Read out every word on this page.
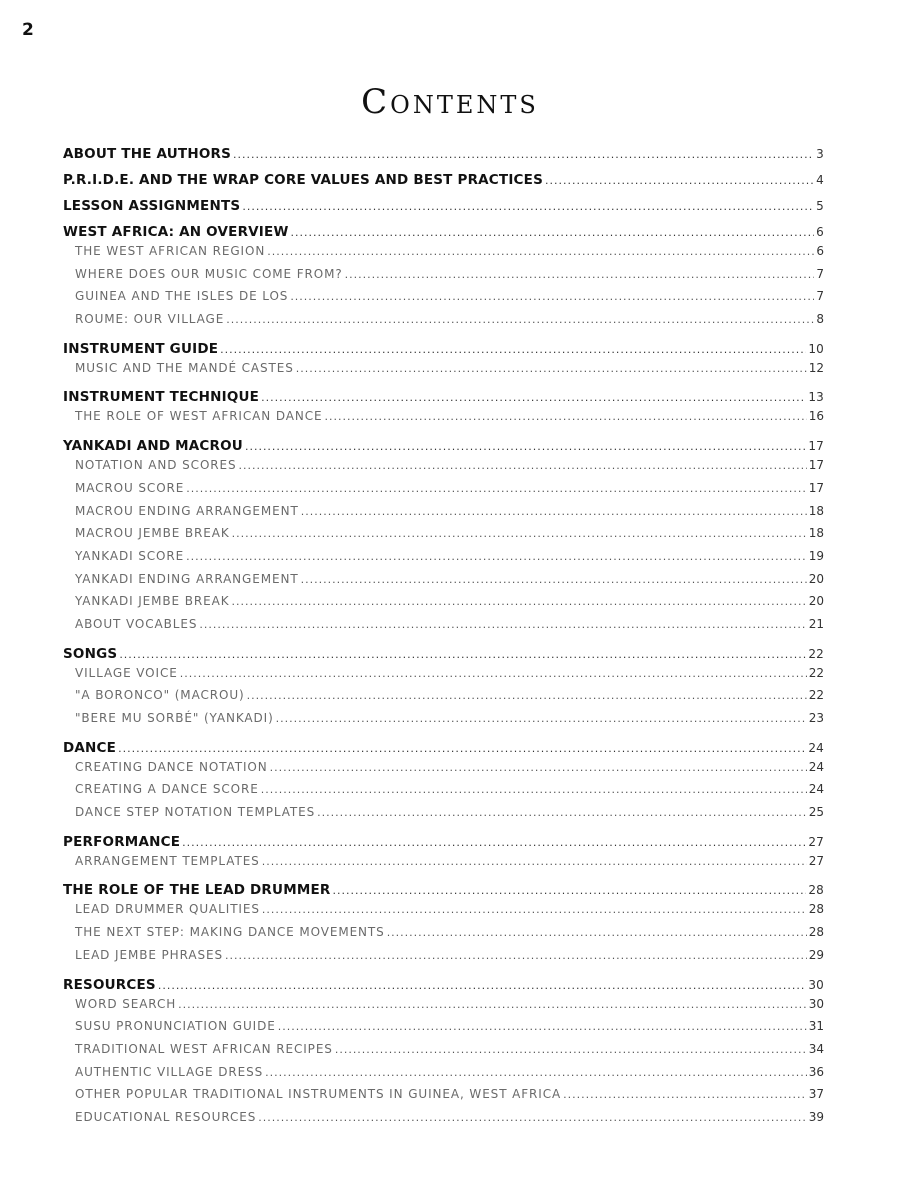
2
Contents
ABOUT THE AUTHORS .....	3
P.R.I.D.E. AND THE WRAP CORE VALUES AND BEST PRACTICES .....	4
LESSON ASSIGNMENTS .....	5
WEST AFRICA: AN OVERVIEW .....	6
THE WEST AFRICAN REGION .....	6
WHERE DOES OUR MUSIC COME FROM? .....	7
GUINEA AND THE ISLES DE LOS .....	7
ROUME: OUR VILLAGE .....	8
INSTRUMENT GUIDE .....	10
MUSIC AND THE MANDÉ CASTES .....	12
INSTRUMENT TECHNIQUE .....	13
THE ROLE OF WEST AFRICAN DANCE .....	16
YANKADI AND MACROU .....	17
NOTATION AND SCORES .....	17
MACROU SCORE .....	17
MACROU ENDING ARRANGEMENT .....	18
MACROU JEMBE BREAK .....	18
YANKADI SCORE .....	19
YANKADI ENDING ARRANGEMENT .....	20
YANKADI JEMBE BREAK .....	20
ABOUT VOCABLES .....	21
SONGS .....	22
VILLAGE VOICE .....	22
"A BORONCO" (MACROU) .....	22
"BERE MU SORBÉ" (YANKADI) .....	23
DANCE .....	24
CREATING DANCE NOTATION .....	24
CREATING A DANCE SCORE .....	24
DANCE STEP NOTATION TEMPLATES .....	25
PERFORMANCE .....	27
ARRANGEMENT TEMPLATES .....	27
THE ROLE OF THE LEAD DRUMMER .....	28
LEAD DRUMMER QUALITIES .....	28
THE NEXT STEP: MAKING DANCE MOVEMENTS .....	28
LEAD JEMBE PHRASES .....	29
RESOURCES .....	30
WORD SEARCH .....	30
SUSU PRONUNCIATION GUIDE .....	31
TRADITIONAL WEST AFRICAN RECIPES .....	34
AUTHENTIC VILLAGE DRESS .....	36
OTHER POPULAR TRADITIONAL INSTRUMENTS IN GUINEA, WEST AFRICA .....	37
EDUCATIONAL RESOURCES .....	39
